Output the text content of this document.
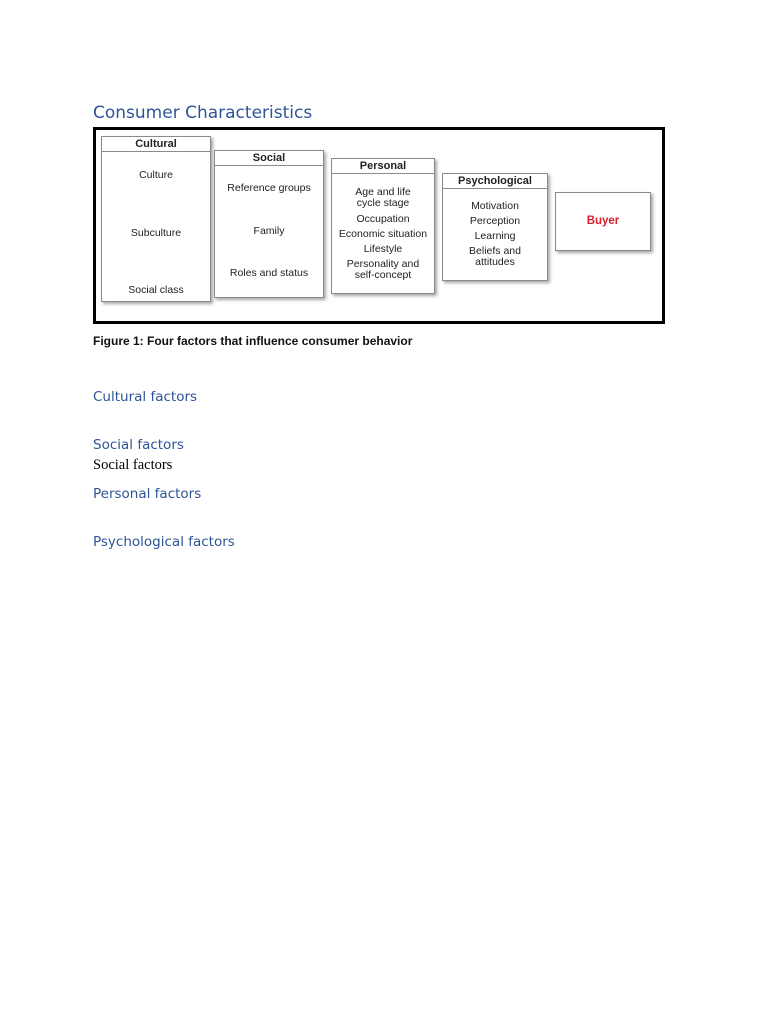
Consumer Characteristics
Cultural
Culture
Subculture
Social class
Social
Reference groups
Family
Roles and status
Personal
Age and life
cycle stage
Occupation
Economic situation
Lifestyle
Personality and
self-concept
Psychological
Motivation
Perception
Learning
Beliefs and
attitudes
Buyer

Figure 1: Four factors that influence consumer behavior

Cultural factors
Social factors

Social factors

Personal factors
Psychological factors
